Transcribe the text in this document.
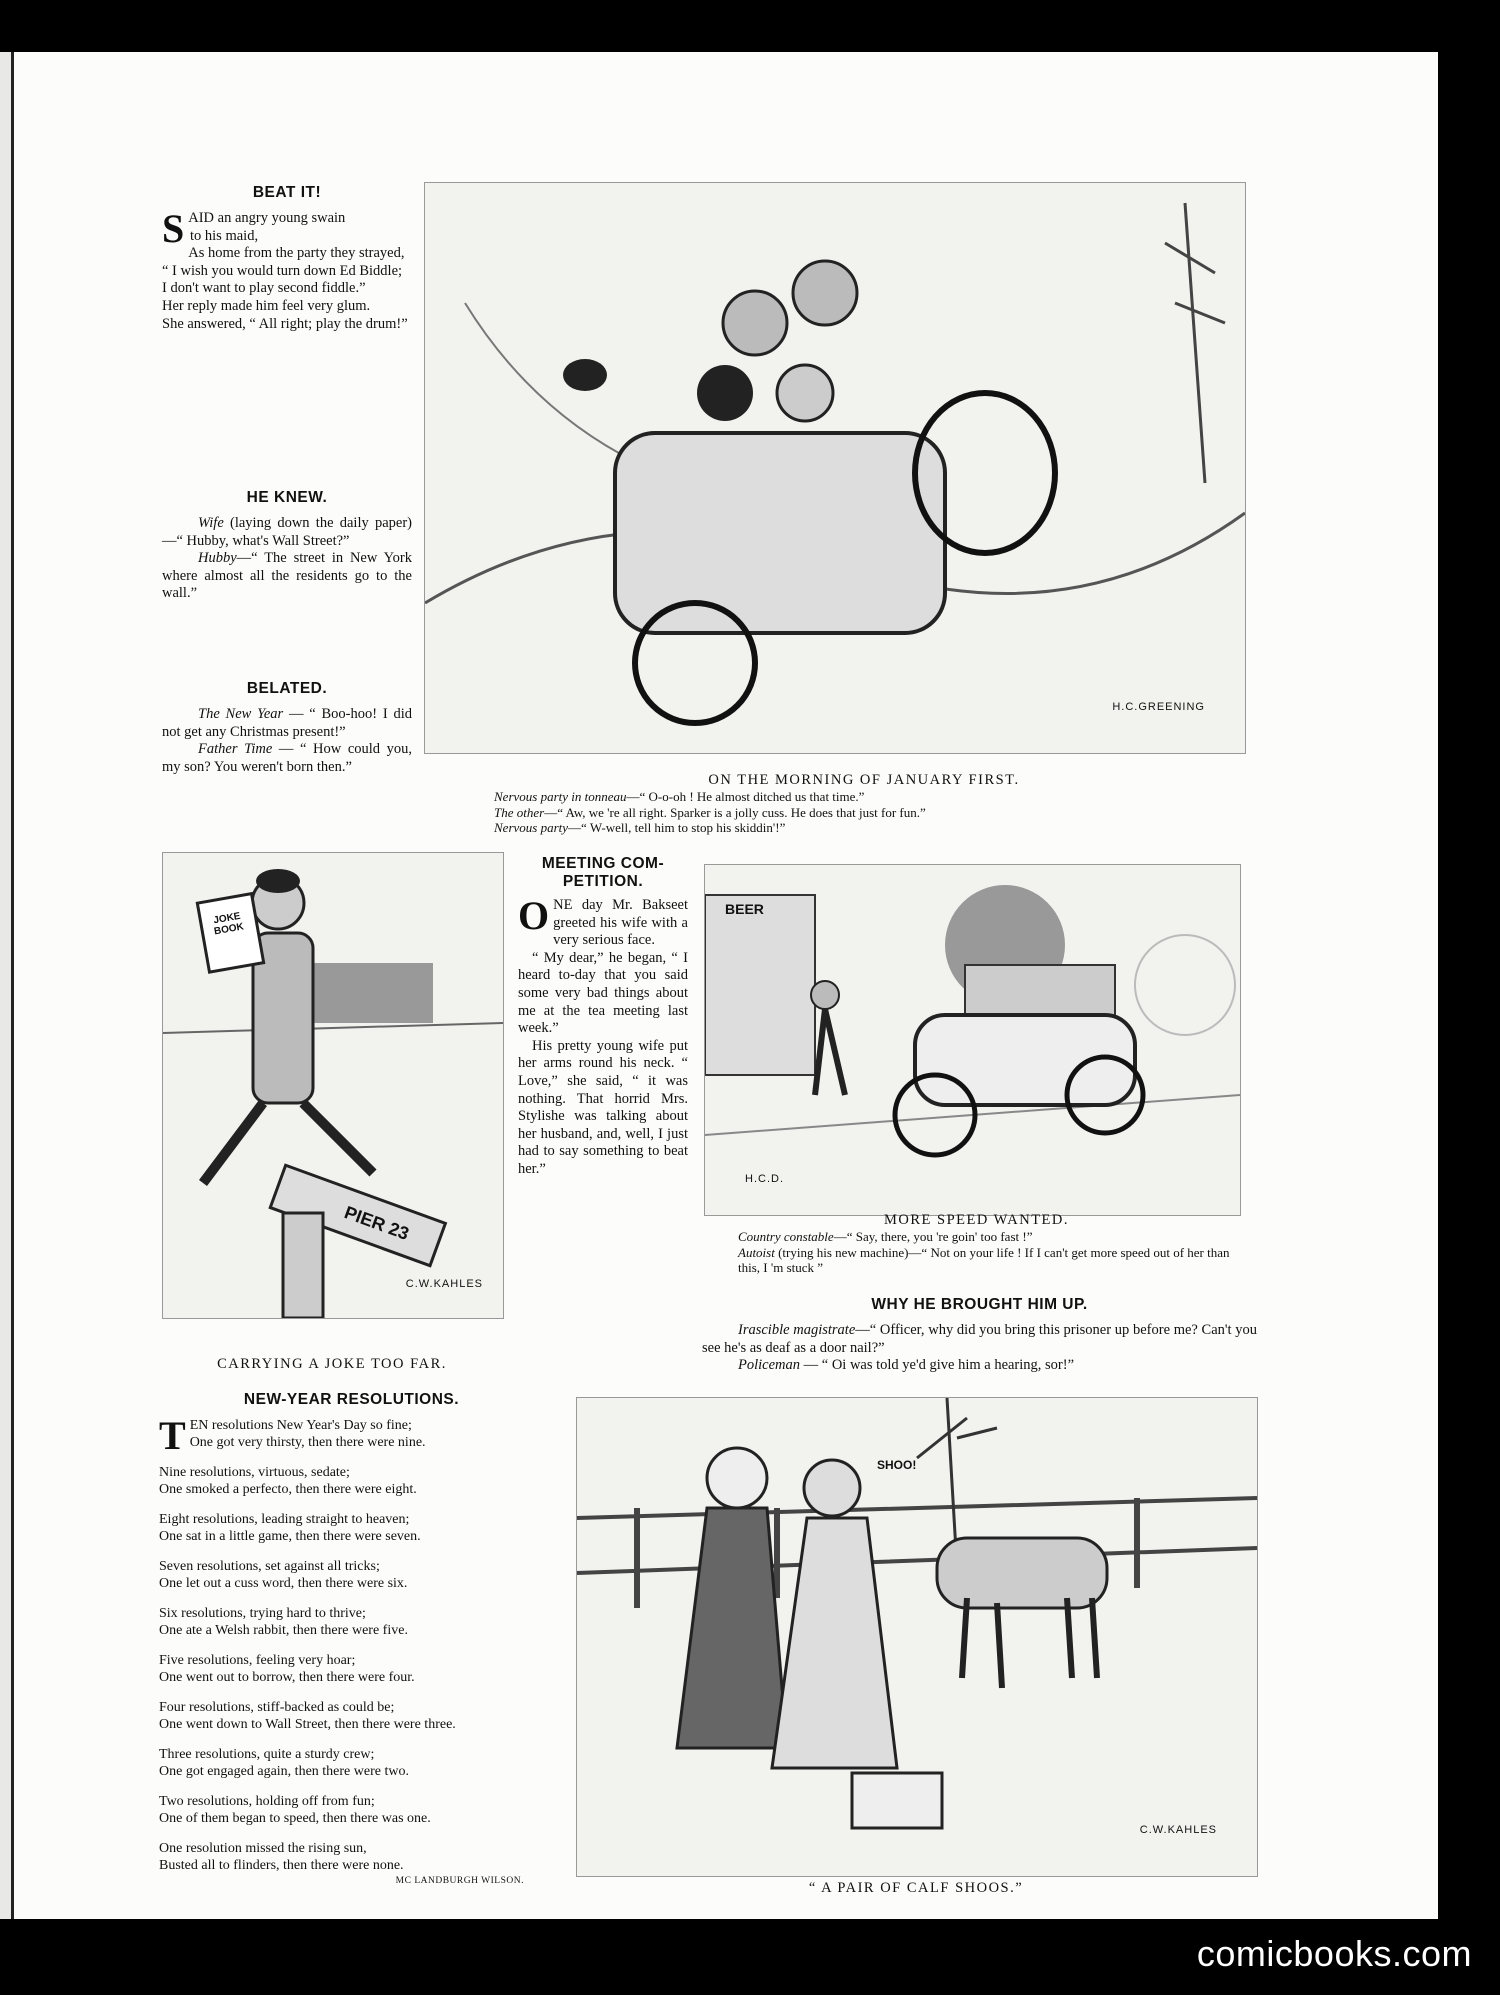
BEAT IT!
S AID an angry young swain
to his maid,
As home from the party they strayed,
“ I wish you would turn down Ed Biddle;
I don't want to play second fiddle.”
Her reply made him feel very glum.
She answered, “ All right; play the drum!”
HE KNEW.

Wife (laying down the daily paper)—“ Hubby, what's Wall Street?”

Hubby—“ The street in New York where almost all the residents go to the wall.”

BELATED.

The New Year — “ Boo-hoo! I did not get any Christmas present!”

Father Time — “ How could you, my son? You weren't born then.”

H.C.GREENING
ON THE MORNING OF JANUARY FIRST.
Nervous party in tonneau—“ O-o-oh ! He almost ditched us that time.”
The other—“ Aw, we 're all right. Sparker is a jolly cuss. He does that just for fun.”
Nervous party—“ W-well, tell him to stop his skiddin'!”
JOKE BOOK
PIER 23
C.W.KAHLES
CARRYING A JOKE TOO FAR.
MEETING COM-PETITION.

ONE day Mr. Bakseet greeted his wife with a very serious face.

“ My dear,” he began, “ I heard to-day that you said some very bad things about me at the tea meeting last week.”

His pretty young wife put her arms round his neck. “ Love,” she said, “ it was nothing. That horrid Mrs. Stylishe was talking about her husband, and, well, I just had to say something to beat her.”

BEER
H.C.D.
MORE SPEED WANTED.
Country constable—“ Say, there, you 're goin' too fast !”
Autoist (trying his new machine)—“ Not on your life ! If I can't get more speed out of her than this, I 'm stuck ”
WHY HE BROUGHT HIM UP.

Irascible magistrate—“ Officer, why did you bring this prisoner up before me? Can't you see he's as deaf as a door nail?”

Policeman — “ Oi was told ye'd give him a hearing, sor!”

NEW-YEAR RESOLUTIONS.
T EN resolutions New Year's Day so fine;
One got very thirsty, then there were nine.
Nine resolutions, virtuous, sedate;
One smoked a perfecto, then there were eight.
Eight resolutions, leading straight to heaven;
One sat in a little game, then there were seven.
Seven resolutions, set against all tricks;
One let out a cuss word, then there were six.
Six resolutions, trying hard to thrive;
One ate a Welsh rabbit, then there were five.
Five resolutions, feeling very hoar;
One went out to borrow, then there were four.
Four resolutions, stiff-backed as could be;
One went down to Wall Street, then there were three.
Three resolutions, quite a sturdy crew;
One got engaged again, then there were two.
Two resolutions, holding off from fun;
One of them began to speed, then there was one.
One resolution missed the rising sun,
Busted all to flinders, then there were none.
MC LANDBURGH WILSON.
SHOO!
C.W.KAHLES
“ A PAIR OF CALF SHOOS.”
comicbooks.com
